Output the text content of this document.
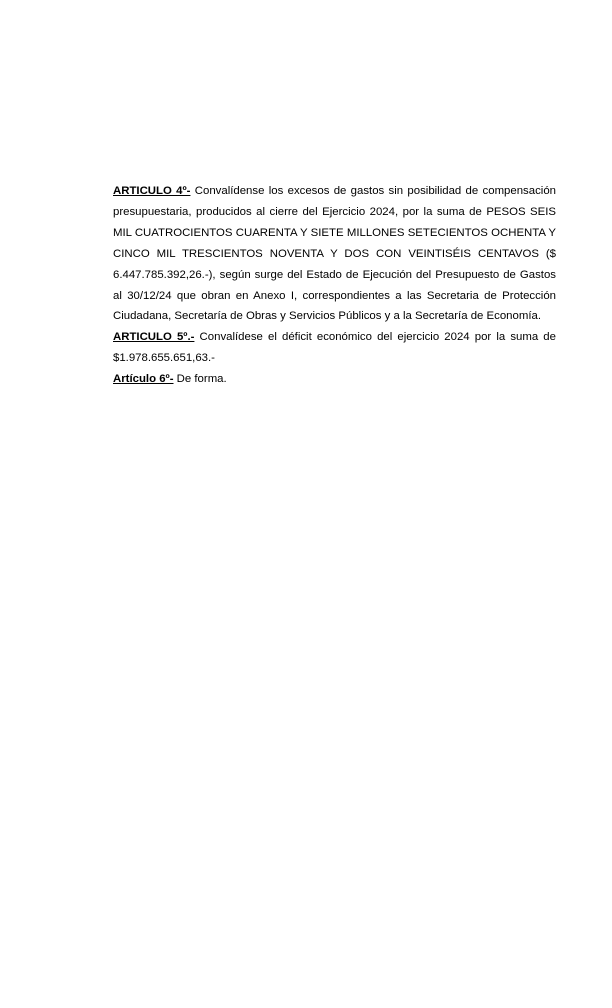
ARTICULO 4º- Convalídense los excesos de gastos sin posibilidad de compensación presupuestaria, producidos al cierre del Ejercicio 2024, por la suma de PESOS SEIS MIL CUATROCIENTOS CUARENTA Y SIETE MILLONES SETECIENTOS OCHENTA Y CINCO MIL TRESCIENTOS NOVENTA Y DOS CON VEINTISÉIS CENTAVOS ($ 6.447.785.392,26.-), según surge del Estado de Ejecución del Presupuesto de Gastos al 30/12/24 que obran en Anexo I, correspondientes a las Secretaria de Protección Ciudadana, Secretaría de Obras y Servicios Públicos y a la Secretaría de Economía.

ARTICULO 5º.- Convalídese el déficit económico del ejercicio 2024 por la suma de $1.978.655.651,63.-

Artículo 6º- De forma.
